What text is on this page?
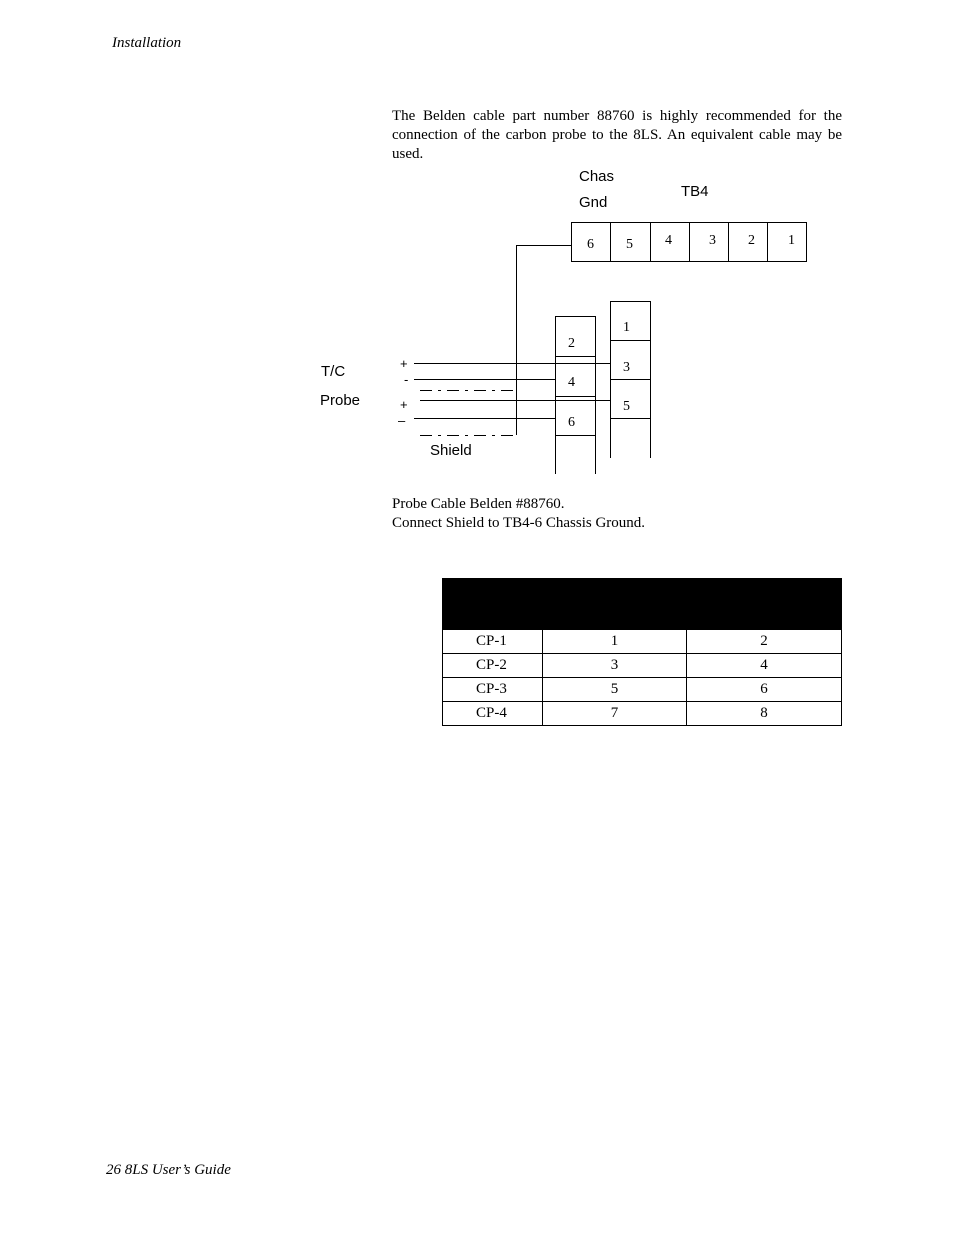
Installation

The Belden cable part number 88760 is highly recommended for the connection of the carbon probe to the 8LS. An equivalent cable may be used.

6 5 4	3 2 1
Chas
Gnd
TB4
2
4
6
1
3
5
T/C
Probe
Shield
+
-
+
–
Probe Cable Belden #88760.
Connect Shield to TB4-6 Chassis Ground.

CP-1	1	2
CP-2	3	4
CP-3	5	6
CP-4	7	8
26 8LS User’s Guide
